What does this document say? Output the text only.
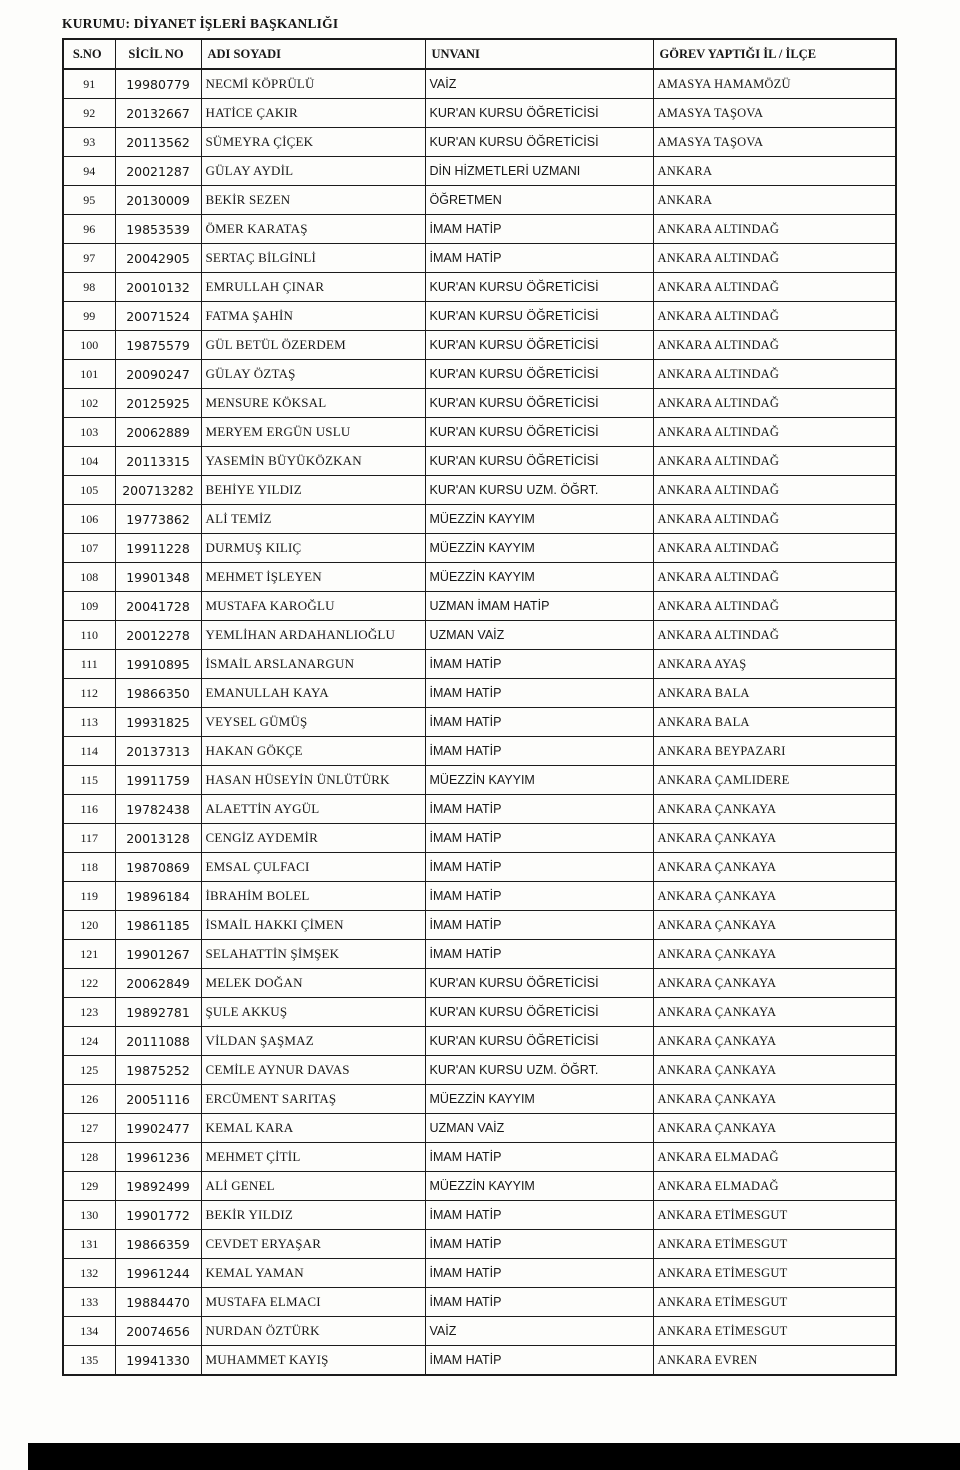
KURUMU: DİYANET İŞLERİ BAŞKANLIĞI
S.NO	SİCİL NO	ADI SOYADI	UNVANI	GÖREV YAPTIĞI İL / İLÇE
91	19980779	NECMİ KÖPRÜLÜ	VAİZ	AMASYA HAMAMÖZÜ
92	20132667	HATİCE ÇAKIR	KUR'AN KURSU ÖĞRETİCİSİ	AMASYA TAŞOVA
93	20113562	SÜMEYRA ÇİÇEK	KUR'AN KURSU ÖĞRETİCİSİ	AMASYA TAŞOVA
94	20021287	GÜLAY AYDİL	DİN HİZMETLERİ UZMANI	ANKARA
95	20130009	BEKİR SEZEN	ÖĞRETMEN	ANKARA
96	19853539	ÖMER KARATAŞ	İMAM HATİP	ANKARA ALTINDAĞ
97	20042905	SERTAÇ BİLGİNLİ	İMAM HATİP	ANKARA ALTINDAĞ
98	20010132	EMRULLAH ÇINAR	KUR'AN KURSU ÖĞRETİCİSİ	ANKARA ALTINDAĞ
99	20071524	FATMA ŞAHİN	KUR'AN KURSU ÖĞRETİCİSİ	ANKARA ALTINDAĞ
100	19875579	GÜL BETÜL ÖZERDEM	KUR'AN KURSU ÖĞRETİCİSİ	ANKARA ALTINDAĞ
101	20090247	GÜLAY ÖZTAŞ	KUR'AN KURSU ÖĞRETİCİSİ	ANKARA ALTINDAĞ
102	20125925	MENSURE KÖKSAL	KUR'AN KURSU ÖĞRETİCİSİ	ANKARA ALTINDAĞ
103	20062889	MERYEM ERGÜN USLU	KUR'AN KURSU ÖĞRETİCİSİ	ANKARA ALTINDAĞ
104	20113315	YASEMİN BÜYÜKÖZKAN	KUR'AN KURSU ÖĞRETİCİSİ	ANKARA ALTINDAĞ
105	200713282	BEHİYE YILDIZ	KUR'AN KURSU UZM. ÖĞRT.	ANKARA ALTINDAĞ
106	19773862	ALİ TEMİZ	MÜEZZİN KAYYIM	ANKARA ALTINDAĞ
107	19911228	DURMUŞ KILIÇ	MÜEZZİN KAYYIM	ANKARA ALTINDAĞ
108	19901348	MEHMET İŞLEYEN	MÜEZZİN KAYYIM	ANKARA ALTINDAĞ
109	20041728	MUSTAFA KAROĞLU	UZMAN İMAM HATİP	ANKARA ALTINDAĞ
110	20012278	YEMLİHAN ARDAHANLIOĞLU	UZMAN VAİZ	ANKARA ALTINDAĞ
111	19910895	İSMAİL ARSLANARGUN	İMAM HATİP	ANKARA AYAŞ
112	19866350	EMANULLAH KAYA	İMAM HATİP	ANKARA BALA
113	19931825	VEYSEL GÜMÜŞ	İMAM HATİP	ANKARA BALA
114	20137313	HAKAN GÖKÇE	İMAM HATİP	ANKARA BEYPAZARI
115	19911759	HASAN HÜSEYİN ÜNLÜTÜRK	MÜEZZİN KAYYIM	ANKARA ÇAMLIDERE
116	19782438	ALAETTİN AYGÜL	İMAM HATİP	ANKARA ÇANKAYA
117	20013128	CENGİZ AYDEMİR	İMAM HATİP	ANKARA ÇANKAYA
118	19870869	EMSAL ÇULFACI	İMAM HATİP	ANKARA ÇANKAYA
119	19896184	İBRAHİM BOLEL	İMAM HATİP	ANKARA ÇANKAYA
120	19861185	İSMAİL HAKKI ÇİMEN	İMAM HATİP	ANKARA ÇANKAYA
121	19901267	SELAHATTİN ŞİMŞEK	İMAM HATİP	ANKARA ÇANKAYA
122	20062849	MELEK DOĞAN	KUR'AN KURSU ÖĞRETİCİSİ	ANKARA ÇANKAYA
123	19892781	ŞULE AKKUŞ	KUR'AN KURSU ÖĞRETİCİSİ	ANKARA ÇANKAYA
124	20111088	VİLDAN ŞAŞMAZ	KUR'AN KURSU ÖĞRETİCİSİ	ANKARA ÇANKAYA
125	19875252	CEMİLE AYNUR DAVAS	KUR'AN KURSU UZM. ÖĞRT.	ANKARA ÇANKAYA
126	20051116	ERCÜMENT SARITAŞ	MÜEZZİN KAYYIM	ANKARA ÇANKAYA
127	19902477	KEMAL KARA	UZMAN VAİZ	ANKARA ÇANKAYA
128	19961236	MEHMET ÇİTİL	İMAM HATİP	ANKARA ELMADAĞ
129	19892499	ALİ GENEL	MÜEZZİN KAYYIM	ANKARA ELMADAĞ
130	19901772	BEKİR YILDIZ	İMAM HATİP	ANKARA ETİMESGUT
131	19866359	CEVDET ERYAŞAR	İMAM HATİP	ANKARA ETİMESGUT
132	19961244	KEMAL YAMAN	İMAM HATİP	ANKARA ETİMESGUT
133	19884470	MUSTAFA ELMACI	İMAM HATİP	ANKARA ETİMESGUT
134	20074656	NURDAN ÖZTÜRK	VAİZ	ANKARA ETİMESGUT
135	19941330	MUHAMMET KAYIŞ	İMAM HATİP	ANKARA EVREN
